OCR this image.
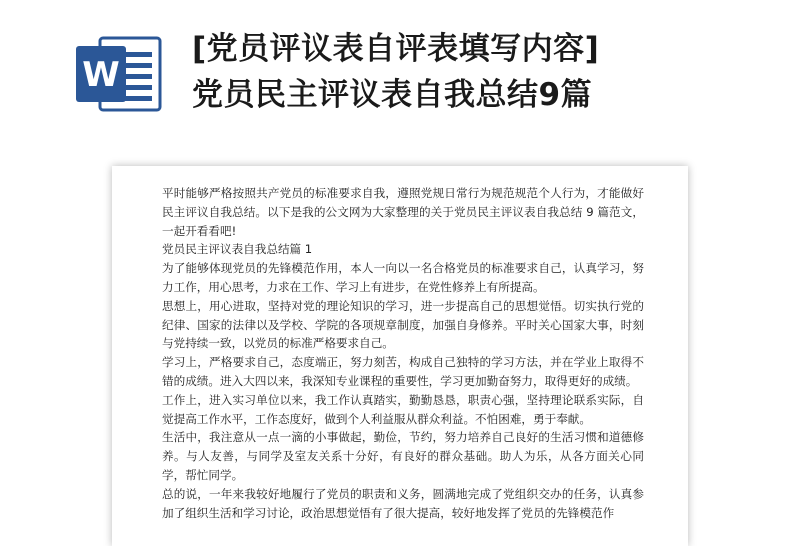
W
[党员评议表自评表填写内容]
党员民主评议表自我总结9篇

平时能够严格按照共产党员的标准要求自我，遵照党规日常行为规范规范个人行为，才能做好民主评议自我总结。以下是我的公文网为大家整理的关于党员民主评议表自我总结 9 篇范文，一起开看看吧!

党员民主评议表自我总结篇 1

为了能够体现党员的先锋模范作用，本人一向以一名合格党员的标准要求自己，认真学习，努力工作，用心思考，力求在工作、学习上有进步，在党性修养上有所提高。

思想上，用心进取，坚持对党的理论知识的学习，进一步提高自己的思想觉悟。切实执行党的纪律、国家的法律以及学校、学院的各项规章制度，加强自身修养。平时关心国家大事，时刻与党持续一致，以党员的标准严格要求自己。

学习上，严格要求自己，态度端正，努力刻苦，构成自己独特的学习方法，并在学业上取得不错的成绩。进入大四以来，我深知专业课程的重要性，学习更加勤奋努力，取得更好的成绩。

工作上，进入实习单位以来，我工作认真踏实，勤勤恳恳，职责心强，坚持理论联系实际，自觉提高工作水平，工作态度好，做到个人利益服从群众利益。不怕困难，勇于奉献。

生活中，我注意从一点一滴的小事做起，勤俭，节约，努力培养自己良好的生活习惯和道德修养。与人友善，与同学及室友关系十分好，有良好的群众基础。助人为乐，从各方面关心同学，帮忙同学。

总的说，一年来我较好地履行了党员的职责和义务，圆满地完成了党组织交办的任务，认真参加了组织生活和学习讨论，政治思想觉悟有了很大提高，较好地发挥了党员的先锋模范作
